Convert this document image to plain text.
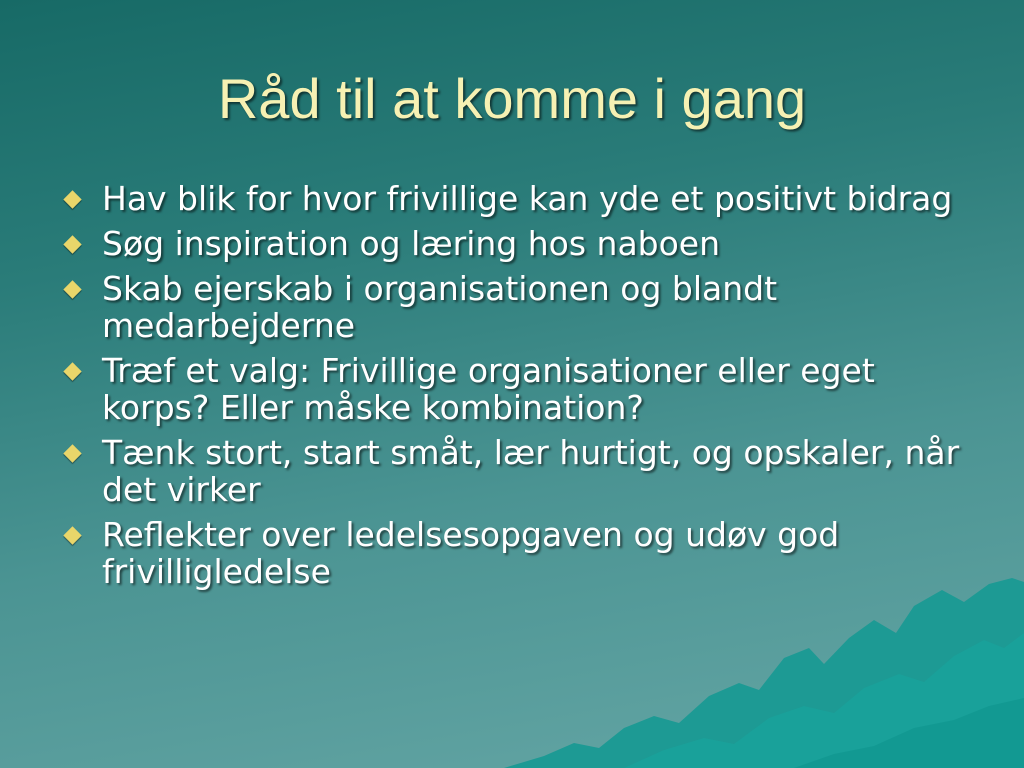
Råd til at komme i gang
Hav blik for hvor frivillige kan yde et positivt bidrag
Søg inspiration og læring hos naboen
Skab ejerskab i organisationen og blandt medarbejderne
Træf et valg: Frivillige organisationer eller eget korps? Eller måske kombination?
Tænk stort, start småt, lær hurtigt, og opskaler, når det virker
Reflekter over ledelsesopgaven og udøv god frivilligledelse
